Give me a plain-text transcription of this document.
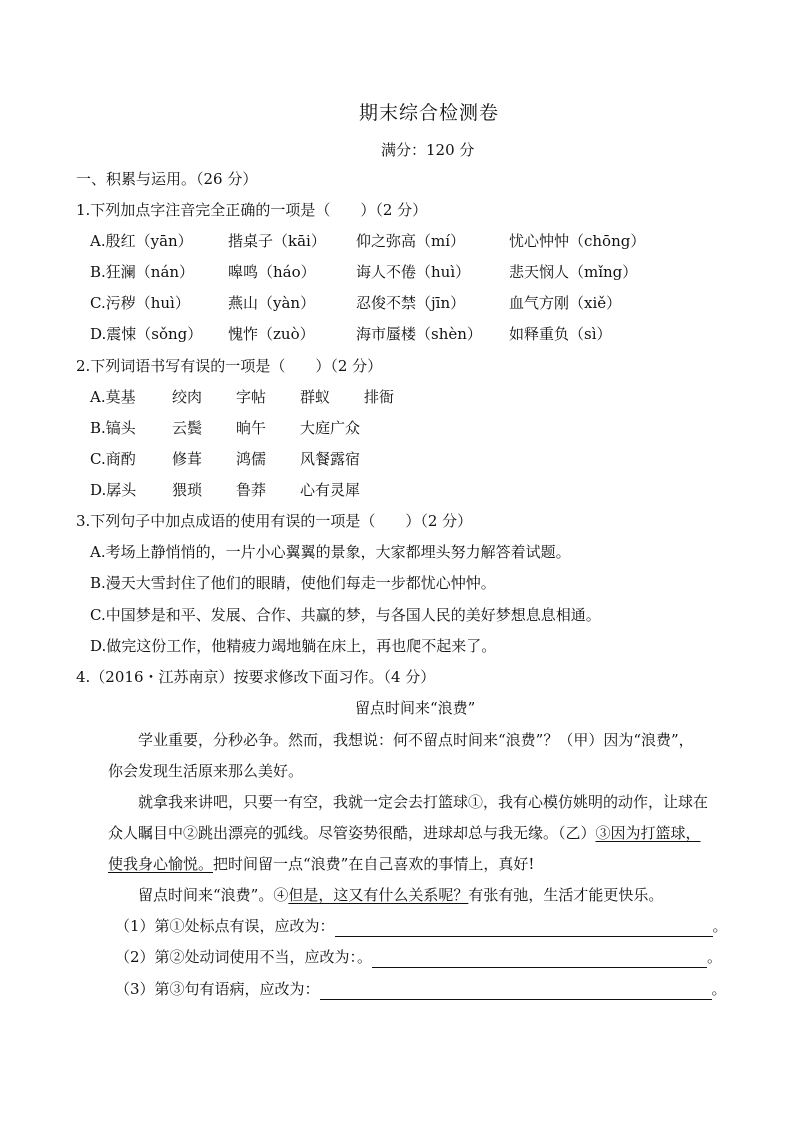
期末综合检测卷
满分：120 分
一、积累与运用。（26 分）
1.下列加点字注音完全正确的一项是（　　）（2 分）
A.殷红（yān） 揩桌子（kāi） 仰之弥高（mí）	忧心忡忡（chōng）
B.狂澜（nán） 嗥鸣（háo）	诲人不倦（huì）	悲天悯人（mǐng）
C.污秽（huì）	燕山（yàn）	忍俊不禁（jīn）	血气方刚（xiě）
D.震悚（sǒng） 愧怍（zuò）	海市蜃楼（shèn） 如释重负（sì）
2.下列词语书写有误的一项是（　　）（2 分）
A.莫基 绞肉 字帖 群蚁 排衙
B.镐头 云鬓 晌午 大庭广众
C.商酌 修葺 鸿儒 风餐露宿
D.孱头 猥琐 鲁莽 心有灵犀
3.下列句子中加点成语的使用有误的一项是（　　）（2 分）
A.考场上静悄悄的，一片小心翼翼的景象，大家都埋头努力解答着试题。
B.漫天大雪封住了他们的眼睛，使他们每走一步都忧心忡忡。
C.中国梦是和平、发展、合作、共赢的梦，与各国人民的美好梦想息息相通。
D.做完这份工作，他精疲力竭地躺在床上，再也爬不起来了。
4.（2016・江苏南京）按要求修改下面习作。（4 分）
留点时间来“浪费”
学业重要，分秒必争。然而，我想说：何不留点时间来“浪费”？（甲）因为“浪费”，
你会发现生活原来那么美好。
就拿我来讲吧，只要一有空，我就一定会去打篮球①，我有心模仿姚明的动作，让球在
众人瞩目中②跳出漂亮的弧线。尽管姿势很酷，进球却总与我无缘。（乙）③因为打篮球，
使我身心愉悦。把时间留一点“浪费”在自己喜欢的事情上，真好!
留点时间来“浪费”。④但是，这又有什么关系呢？有张有弛，生活才能更快乐。
（1）第①处标点有误，应改为：	。
（2）第②处动词使用不当，应改为：。	。
（3）第③句有语病，应改为：	。
